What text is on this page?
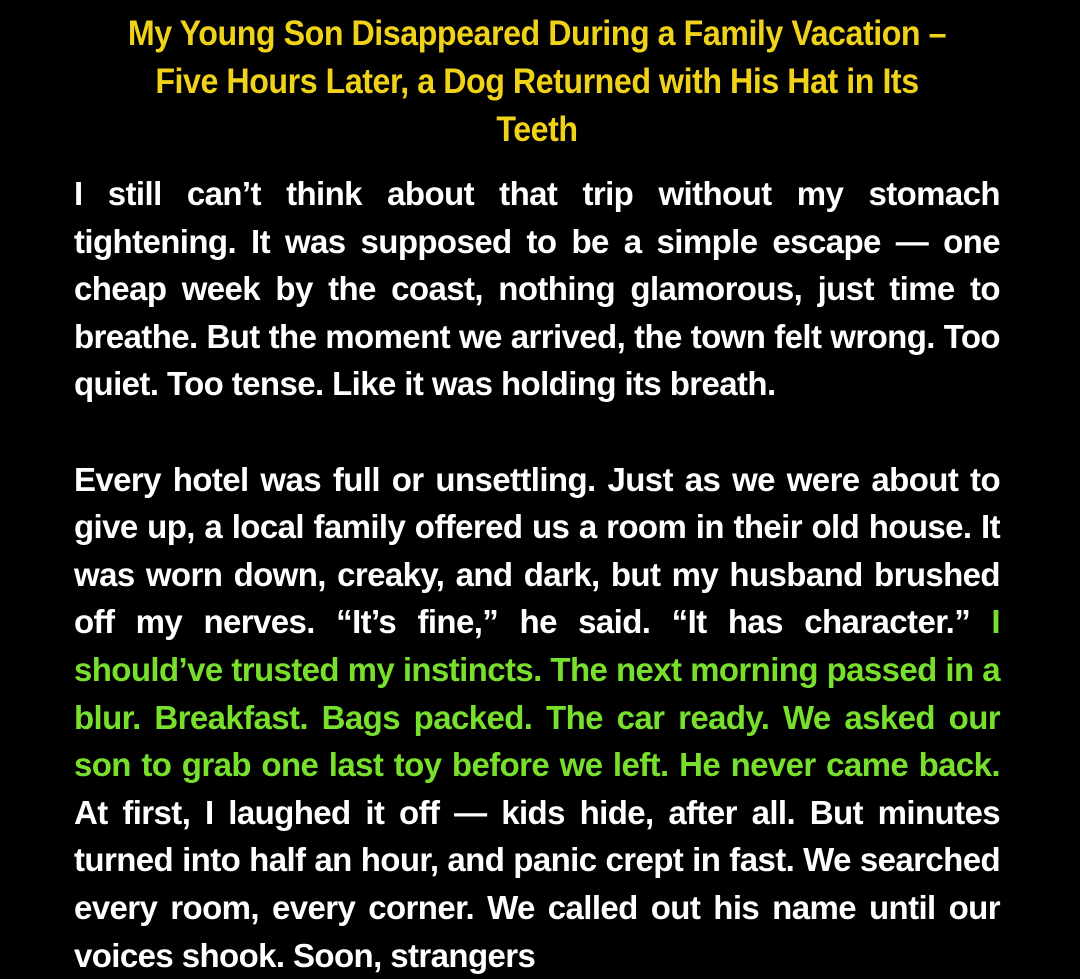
My Young Son Disappeared During a Family Vacation – Five Hours Later, a Dog Returned with His Hat in Its Teeth

I still can’t think about that trip without my stomach tightening. It was supposed to be a simple escape — one cheap week by the coast, nothing glamorous, just time to breathe. But the moment we arrived, the town felt wrong. Too quiet. Too tense. Like it was holding its breath.

Every hotel was full or unsettling. Just as we were about to give up, a local family offered us a room in their old house. It was worn down, creaky, and dark, but my husband brushed off my nerves. “It’s fine,” he said. “It has character.” I should’ve trusted my instincts. The next morning passed in a blur. Breakfast. Bags packed. The car ready. We asked our son to grab one last toy before we left. He never came back. At first, I laughed it off — kids hide, after all. But minutes turned into half an hour, and panic crept in fast. We searched every room, every corner. We called out his name until our voices shook. Soon, strangers
